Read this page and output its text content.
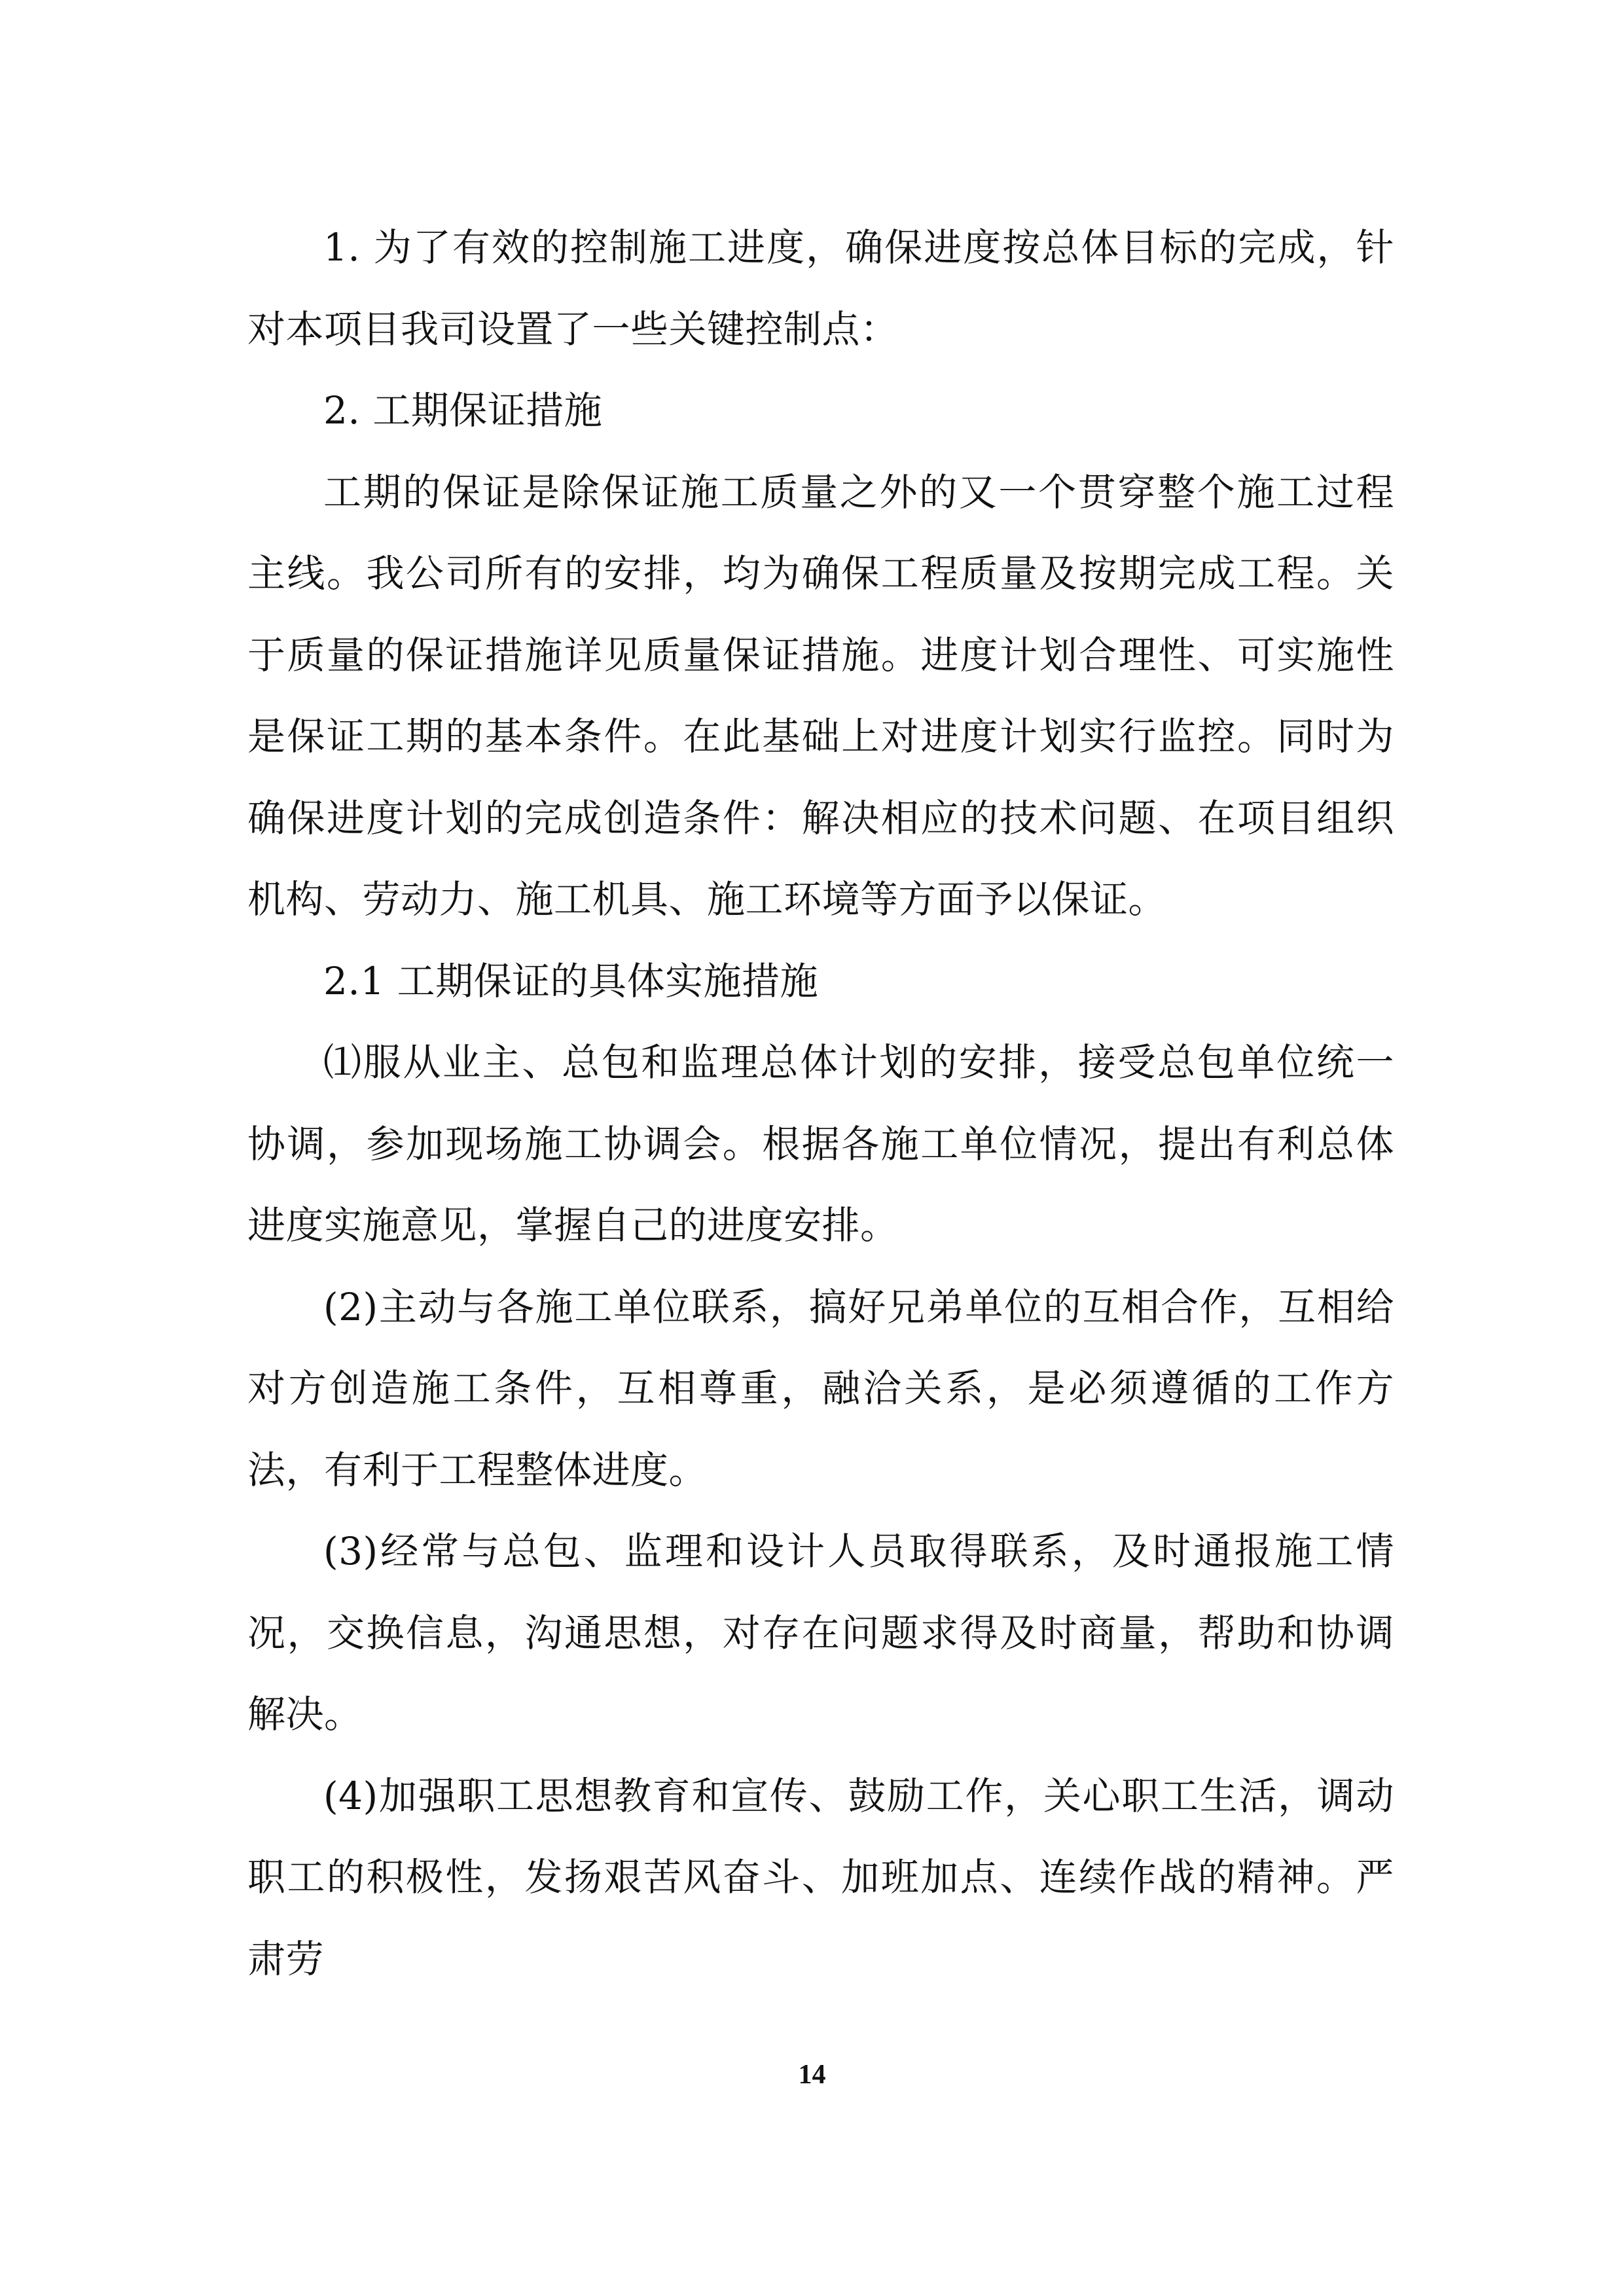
1. 为了有效的控制施工进度，确保进度按总体目标的完成，针对本项目我司设置了一些关键控制点：

2. 工期保证措施

工期的保证是除保证施工质量之外的又一个贯穿整个施工过程主线。我公司所有的安排，均为确保工程质量及按期完成工程。关于质量的保证措施详见质量保证措施。进度计划合理性、可实施性是保证工期的基本条件。在此基础上对进度计划实行监控。同时为确保进度计划的完成创造条件：解决相应的技术问题、在项目组织机构、劳动力、施工机具、施工环境等方面予以保证。

2.1 工期保证的具体实施措施

⑴服从业主、总包和监理总体计划的安排，接受总包单位统一协调，参加现场施工协调会。根据各施工单位情况，提出有利总体进度实施意见，掌握自己的进度安排。

(2)主动与各施工单位联系，搞好兄弟单位的互相合作，互相给对方创造施工条件，互相尊重，融洽关系，是必须遵循的工作方法，有利于工程整体进度。

(3)经常与总包、监理和设计人员取得联系，及时通报施工情况，交换信息，沟通思想，对存在问题求得及时商量，帮助和协调解决。

(4)加强职工思想教育和宣传、鼓励工作，关心职工生活，调动职工的积极性，发扬艰苦风奋斗、加班加点、连续作战的精神。严肃劳

14
